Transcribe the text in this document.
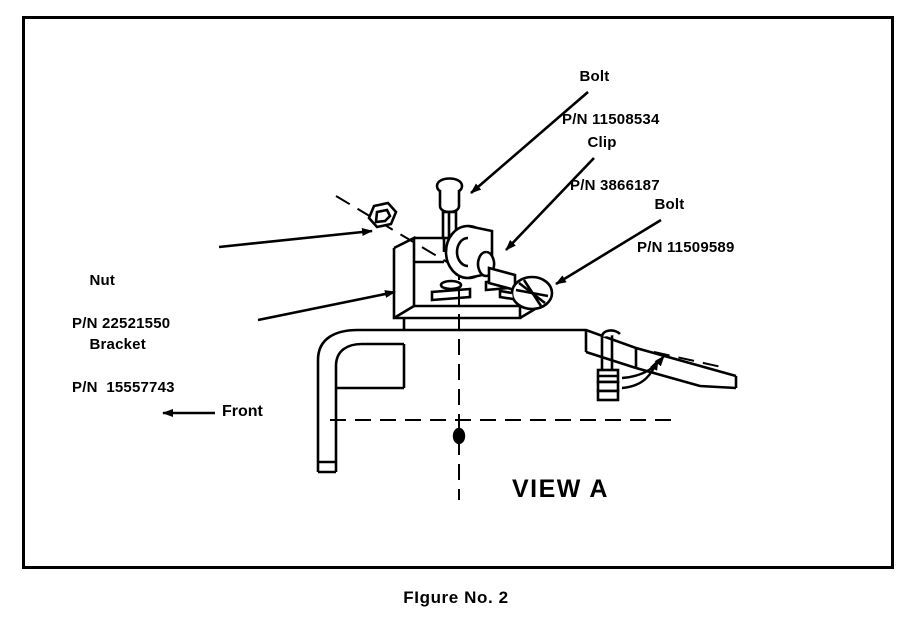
Bolt

P/N 11508534

Clip

P/N 3866187

Bolt

P/N 11509589

Nut

P/N 22521550

Bracket

P/N  15557743

Front
VIEW A
FIgure No. 2
